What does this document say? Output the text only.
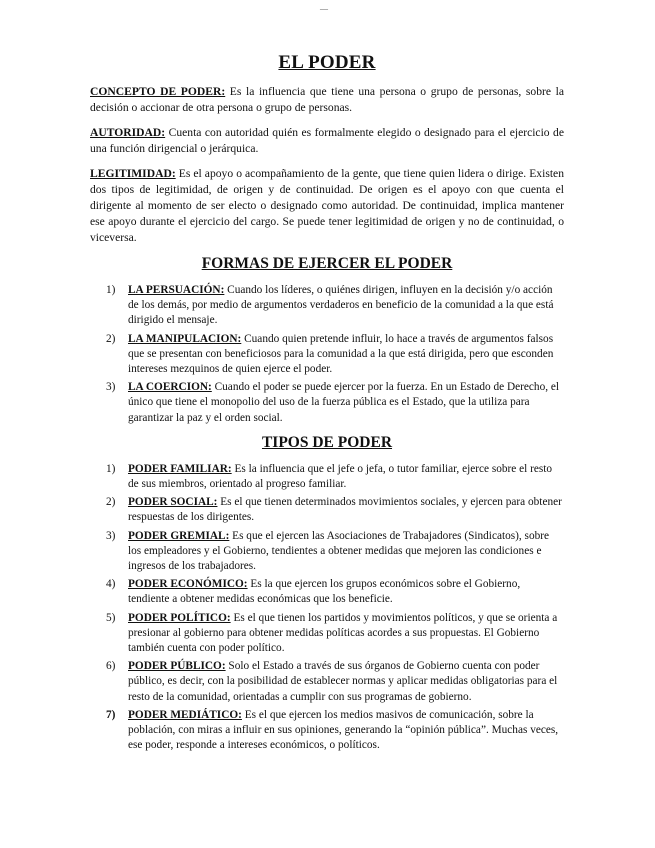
—
EL PODER

CONCEPTO DE PODER: Es la influencia que tiene una persona o grupo de personas, sobre la decisión o accionar de otra persona o grupo de personas.

AUTORIDAD: Cuenta con autoridad quién es formalmente elegido o designado para el ejercicio de una función dirigencial o jerárquica.

LEGITIMIDAD: Es el apoyo o acompañamiento de la gente, que tiene quien lidera o dirige. Existen dos tipos de legitimidad, de origen y de continuidad. De origen es el apoyo con que cuenta el dirigente al momento de ser electo o designado como autoridad. De continuidad, implica mantener ese apoyo durante el ejercicio del cargo. Se puede tener legitimidad de origen y no de continuidad, o viceversa.

FORMAS DE EJERCER EL PODER
1) LA PERSUACIÓN: Cuando los líderes, o quiénes dirigen, influyen en la decisión y/o acción de los demás, por medio de argumentos verdaderos en beneficio de la comunidad a la que está dirigido el mensaje.
2) LA MANIPULACION: Cuando quien pretende influir, lo hace a través de argumentos falsos que se presentan con beneficiosos para la comunidad a la que está dirigida, pero que esconden intereses mezquinos de quien ejerce el poder.
3) LA COERCION: Cuando el poder se puede ejercer por la fuerza. En un Estado de Derecho, el único que tiene el monopolio del uso de la fuerza pública es el Estado, que la utiliza para garantizar la paz y el orden social.
TIPOS DE PODER
1) PODER FAMILIAR: Es la influencia que el jefe o jefa, o tutor familiar, ejerce sobre el resto de sus miembros, orientado al progreso familiar.
2) PODER SOCIAL: Es el que tienen determinados movimientos sociales, y ejercen para obtener respuestas de los dirigentes.
3) PODER GREMIAL: Es que el ejercen las Asociaciones de Trabajadores (Sindicatos), sobre los empleadores y el Gobierno, tendientes a obtener medidas que mejoren las condiciones e ingresos de los trabajadores.
4) PODER ECONÓMICO: Es la que ejercen los grupos económicos sobre el Gobierno, tendiente a obtener medidas económicas que los beneficie.
5) PODER POLÍTICO: Es el que tienen los partidos y movimientos políticos, y que se orienta a presionar al gobierno para obtener medidas políticas acordes a sus propuestas. El Gobierno también cuenta con poder político.
6) PODER PÚBLICO: Solo el Estado a través de sus órganos de Gobierno cuenta con poder público, es decir, con la posibilidad de establecer normas y aplicar medidas obligatorias para el resto de la comunidad, orientadas a cumplir con sus programas de gobierno.
7) PODER MEDIÁTICO: Es el que ejercen los medios masivos de comunicación, sobre la población, con miras a influir en sus opiniones, generando la “opinión pública”. Muchas veces, ese poder, responde a intereses económicos, o políticos.
